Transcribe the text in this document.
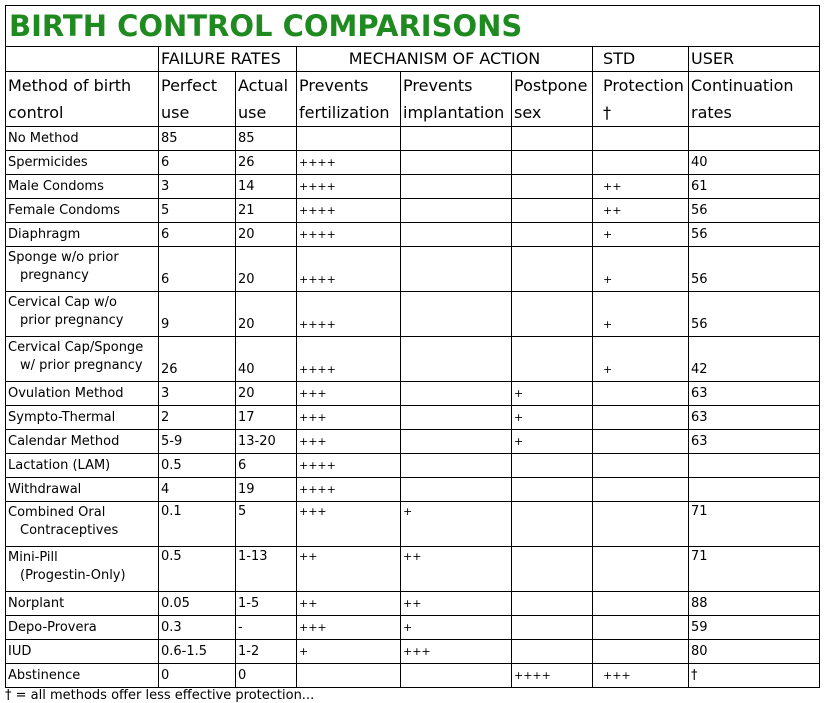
BIRTH CONTROL COMPARISONS							
	FAILURE RATES		MECHANISM OF ACTION			STD	USER
Method of birth control	Perfect use	Actual use	Prevents fertilization	Prevents implantation	Postpone sex	Protection †	Continuation rates
No Method	85	85					
Spermicides	6	26	++++				40
Male Condoms	3	14	++++			++	61
Female Condoms	5	21	++++			++	56
Diaphragm	6	20	++++			+	56

Sponge w/o prior
pregnancy	6	20	++++			+	56

Cervical Cap w/o
prior pregnancy	9	20	++++			+	56

Cervical Cap/Sponge
w/ prior pregnancy	26	40	++++			+	42
Ovulation Method	3	20	+++		+		63
Sympto-Thermal	2	17	+++		+		63
Calendar Method	5-9	13-20	+++		+		63
Lactation (LAM)	0.5	6	++++				
Withdrawal	4	19	++++				

Combined Oral
Contraceptives	0.1	5	+++	+			71

Mini-Pill
(Progestin-Only)	0.5	1-13	++	++			71
Norplant	0.05	1-5	++	++			88
Depo-Provera	0.3	-	+++	+			59
IUD	0.6-1.5	1-2	+	+++			80
Abstinence	0	0			++++	+++	†
† = all methods offer less effective protection...
